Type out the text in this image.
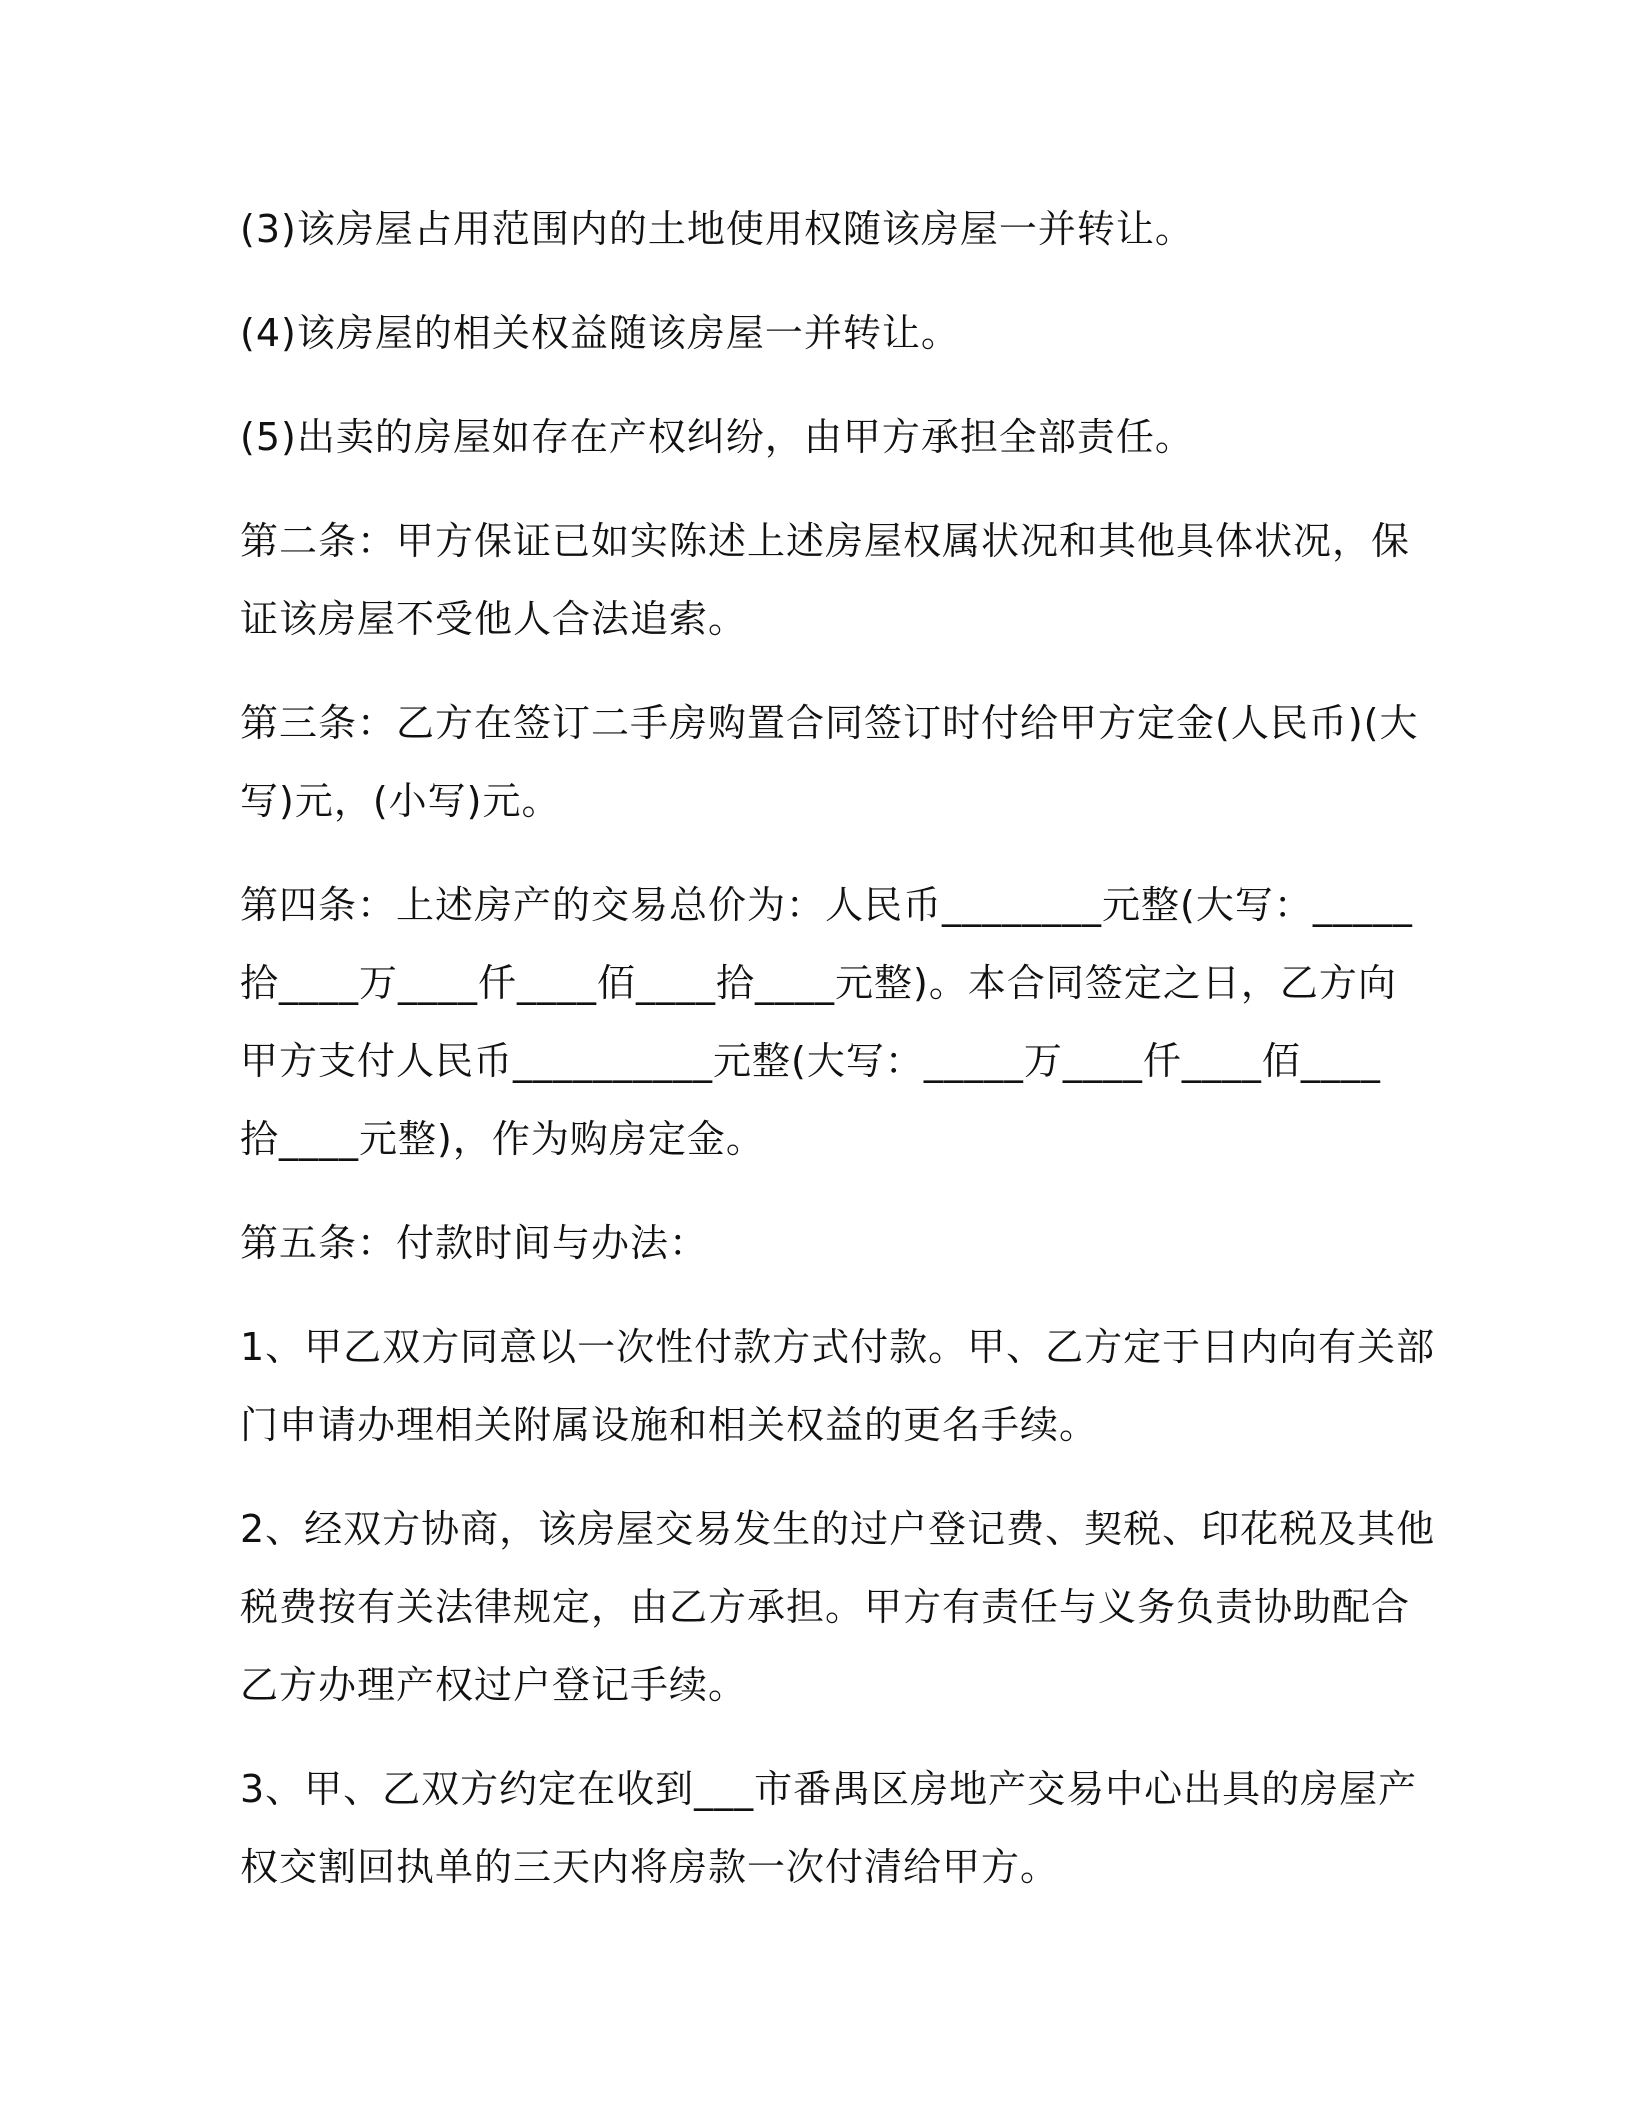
(3)该房屋占用范围内的土地使用权随该房屋一并转让。

(4)该房屋的相关权益随该房屋一并转让。

(5)出卖的房屋如存在产权纠纷，由甲方承担全部责任。

第二条：甲方保证已如实陈述上述房屋权属状况和其他具体状况，保
证该房屋不受他人合法追索。

第三条：乙方在签订二手房购置合同签订时付给甲方定金(人民币)(大
写)元，(小写)元。

第四条：上述房产的交易总价为：人民币________元整(大写：_____
拾____万____仟____佰____拾____元整)。本合同签定之日，乙方向
甲方支付人民币__________元整(大写：_____万____仟____佰____
拾____元整)，作为购房定金。

第五条：付款时间与办法：

1、甲乙双方同意以一次性付款方式付款。甲、乙方定于日内向有关部
门申请办理相关附属设施和相关权益的更名手续。

2、经双方协商，该房屋交易发生的过户登记费、契税、印花税及其他
税费按有关法律规定，由乙方承担。甲方有责任与义务负责协助配合
乙方办理产权过户登记手续。

3、甲、乙双方约定在收到___市番禺区房地产交易中心出具的房屋产
权交割回执单的三天内将房款一次付清给甲方。
